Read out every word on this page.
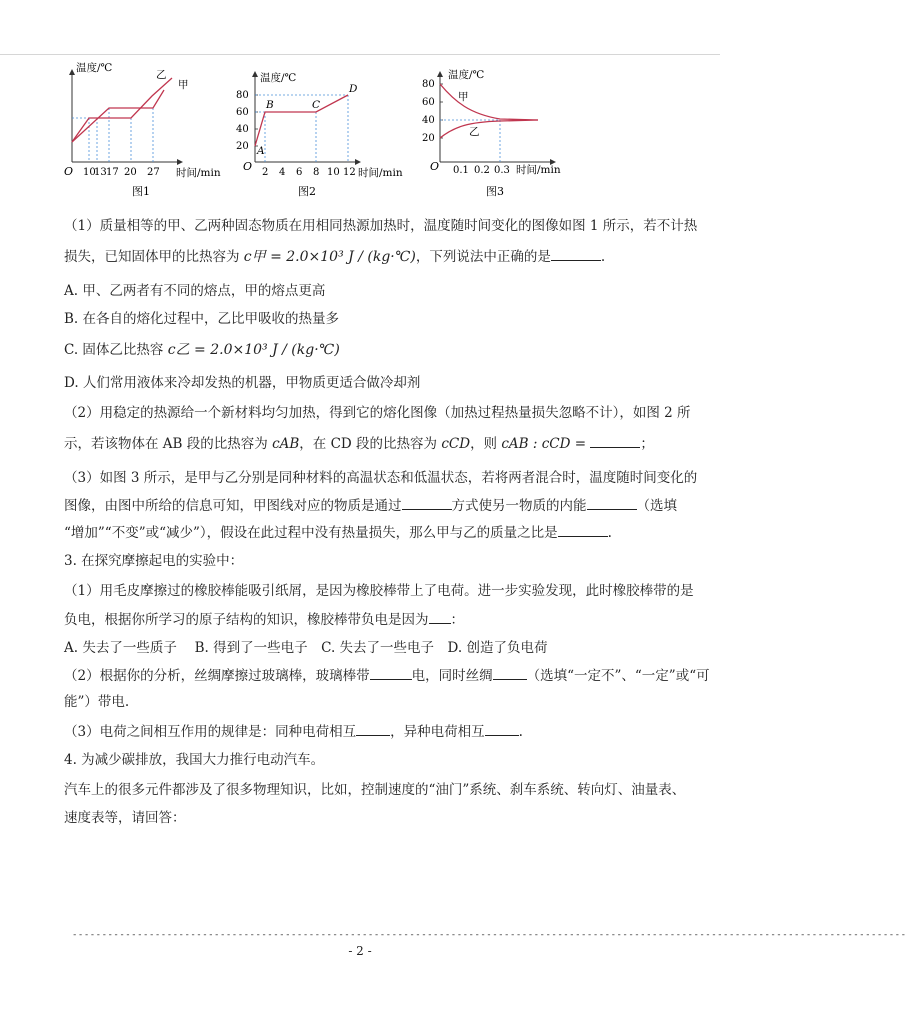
温度/℃
时间/min
O
乙
甲
10
13 17 20 27
图1
温度/℃
时间/min
O
80
60
40
20 A
B	C
D
2 4 6 8 10 12
图2
温度/℃
时间/min
O
80
60
40
20
甲
乙
0.1 0.2 0.3
图3
（1）质量相等的甲、乙两种固态物质在用相同热源加热时，温度随时间变化的图像如图 1 所示，若不计热
损失，已知固体甲的比热容为 c甲 = 2.0×10³ J / (kg·℃)，下列说法中正确的是	.
A. 甲、乙两者有不同的熔点，甲的熔点更高
B. 在各自的熔化过程中，乙比甲吸收的热量多
C. 固体乙比热容 c乙 = 2.0×10³ J / (kg·℃)
D. 人们常用液体来冷却发热的机器，甲物质更适合做冷却剂
（2）用稳定的热源给一个新材料均匀加热，得到它的熔化图像（加热过程热量损失忽略不计），如图 2 所
示，若该物体在 AB 段的比热容为 cAB，在 CD 段的比热容为 cCD，则 cAB : cCD =	；
（3）如图 3 所示，是甲与乙分别是同种材料的高温状态和低温状态，若将两者混合时，温度随时间变化的
图像，由图中所给的信息可知，甲图线对应的物质是通过	方式使另一物质的内能	（选填
“增加”“不变”或“减少”），假设在此过程中没有热量损失，那么甲与乙的质量之比是	.
3. 在探究摩擦起电的实验中：
（1）用毛皮摩擦过的橡胶棒能吸引纸屑，是因为橡胶棒带上了电荷。进一步实验发现，此时橡胶棒带的是
负电，根据你所学习的原子结构的知识，橡胶棒带负电是因为 ：
A. 失去了一些质子　 B. 得到了一些电子　C. 失去了一些电子　D. 创造了负电荷
（2）根据你的分析，丝绸摩擦过玻璃棒，玻璃棒带	电，同时丝绸	（选填“一定不”、“一定”或“可
能”）带电.
（3）电荷之间相互作用的规律是：同种电荷相互	，异种电荷相互	.
4. 为减少碳排放，我国大力推行电动汽车。
汽车上的很多元件都涉及了很多物理知识，比如，控制速度的“油门”系统、刹车系统、转向灯、油量表、
速度表等，请回答：
---------------------------------------------------------------------------------------------------------------------------------------------
- 2 -
